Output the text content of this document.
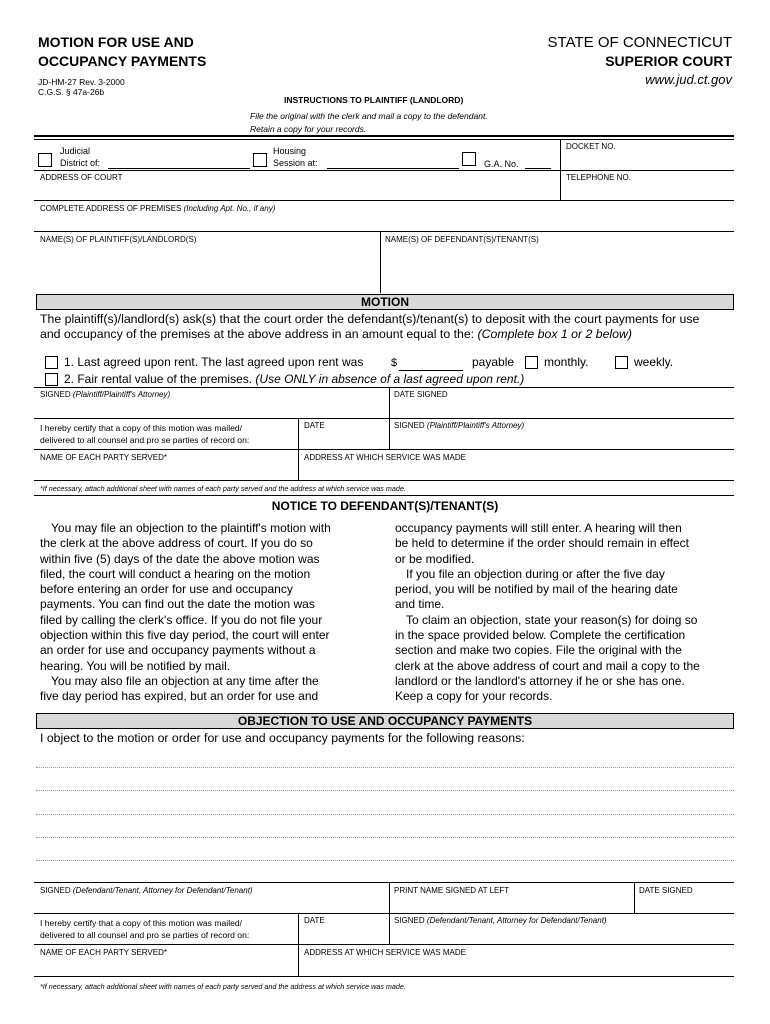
MOTION FOR USE AND
OCCUPANCY PAYMENTS
JD-HM-27 Rev. 3-2000
C.G.S. § 47a-26b
STATE OF CONNECTICUT
SUPERIOR COURT
www.jud.ct.gov
INSTRUCTIONS TO PLAINTIFF (LANDLORD)
File the original with the clerk and mail a copy to the defendant.
Retain a copy for your records.
Judicial
District of:
Housing
Session at:	G.A. No.
DOCKET NO.
ADDRESS OF COURT	TELEPHONE NO.
COMPLETE ADDRESS OF PREMISES (Including Apt. No., if any)
NAME(S) OF PLAINTIFF(S)/LANDLORD(S)	NAME(S) OF DEFENDANT(S)/TENANT(S)
MOTION
The plaintiff(s)/landlord(s) ask(s) that the court order the defendant(s)/tenant(s) to deposit with the court payments for use
and occupancy of the premises at the above address in an amount equal to the: (Complete box 1 or 2 below)
1. Last agreed upon rent. The last agreed upon rent was	$	payable monthly.	weekly.
2. Fair rental value of the premises. (Use ONLY in absence of a last agreed upon rent.)
SIGNED (Plaintiff/Plaintiff's Attorney)	DATE SIGNED
I hereby certify that a copy of this motion was mailed/
delivered to all counsel and pro se parties of record on:
DATE	SIGNED (Plaintiff/Plaintiff's Attorney)
NAME OF EACH PARTY SERVED*	ADDRESS AT WHICH SERVICE WAS MADE
*If necessary, attach additional sheet with names of each party served and the address at which service was made.
NOTICE TO DEFENDANT(S)/TENANT(S)
You may file an objection to the plaintiff's motion with
the clerk at the above address of court. If you do so
within five (5) days of the date the above motion was
filed, the court will conduct a hearing on the motion
before entering an order for use and occupancy
payments. You can find out the date the motion was
filed by calling the clerk's office. If you do not file your
objection within this five day period, the court will enter
an order for use and occupancy payments without a
hearing. You will be notified by mail.
You may also file an objection at any time after the
five day period has expired, but an order for use and
occupancy payments will still enter. A hearing will then
be held to determine if the order should remain in effect
or be modified.
If you file an objection during or after the five day
period, you will be notified by mail of the hearing date
and time.
To claim an objection, state your reason(s) for doing so
in the space provided below. Complete the certification
section and make two copies. File the original with the
clerk at the above address of court and mail a copy to the
landlord or the landlord's attorney if he or she has one.
Keep a copy for your records.
OBJECTION TO USE AND OCCUPANCY PAYMENTS
I object to the motion or order for use and occupancy payments for the following reasons:
SIGNED (Defendant/Tenant, Attorney for Defendant/Tenant)	PRINT NAME SIGNED AT LEFT	DATE SIGNED
I hereby certify that a copy of this motion was mailed/
delivered to all counsel and pro se parties of record on:
DATE	SIGNED (Defendant/Tenant, Attorney for Defendant/Tenant)
NAME OF EACH PARTY SERVED*	ADDRESS AT WHICH SERVICE WAS MADE
*If necessary, attach additional sheet with names of each party served and the address at which service was made.
